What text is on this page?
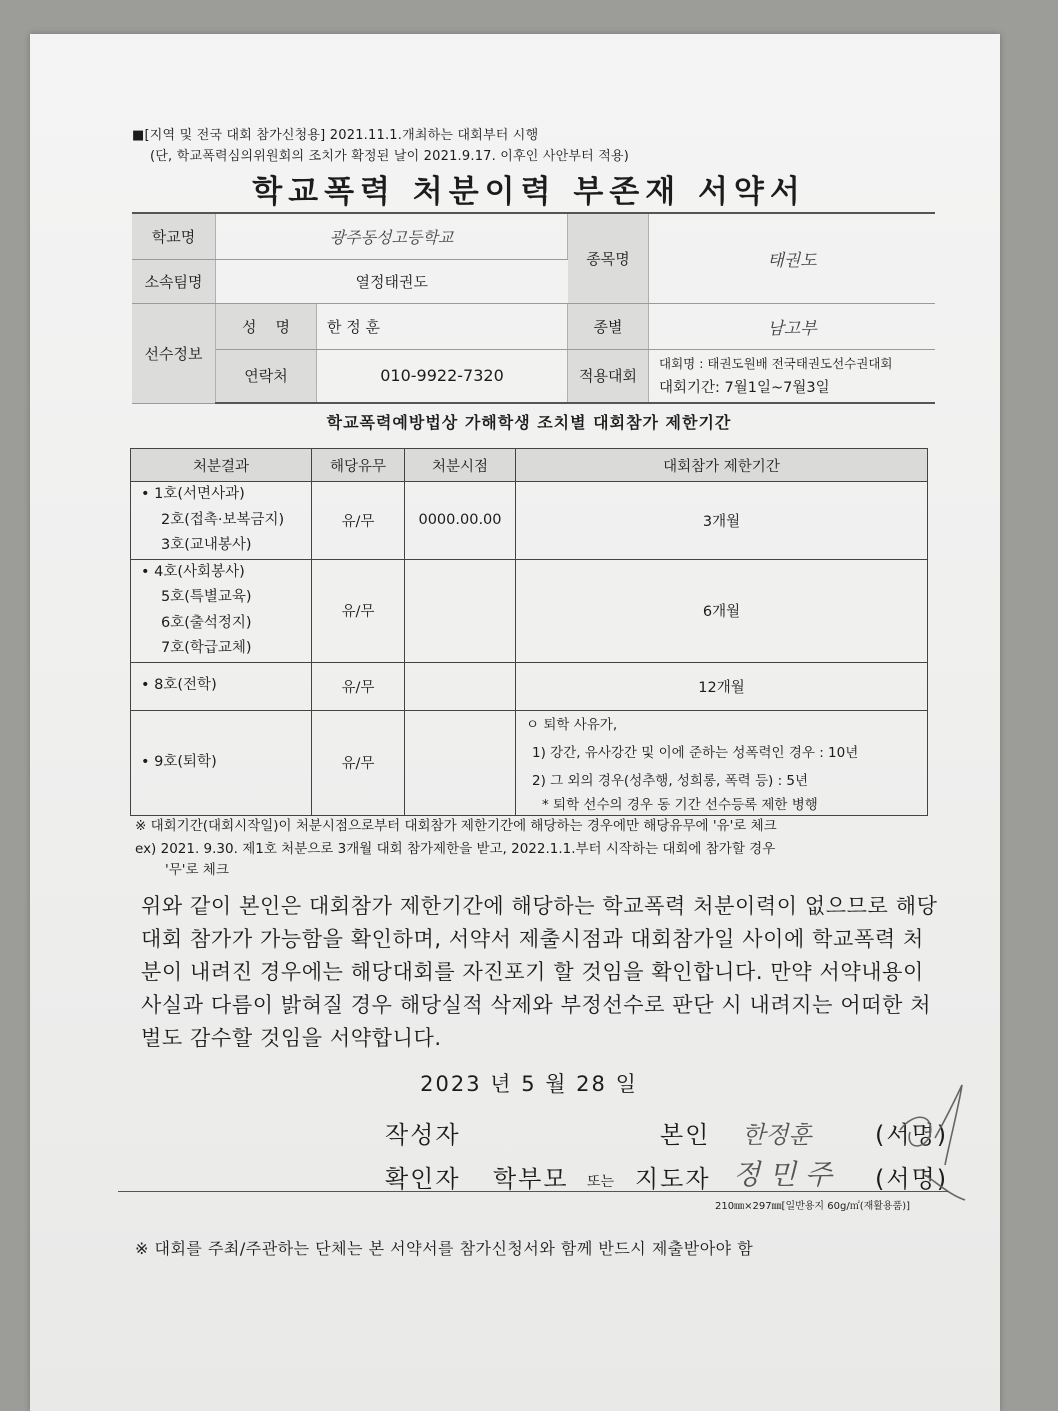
■[지역 및 전국 대회 참가신청용] 2021.11.1.개최하는 대회부터 시행
(단, 학교폭력심의위원회의 조치가 확정된 날이 2021.9.17. 이후인 사안부터 적용)
학교폭력 처분이력 부존재 서약서
학교명	광주동성고등학교		종목명	태권도
소속팀명	열정태권도			
선수정보	성    명	한 정 훈	종별	남고부
	연락처	010-9922-7320	적용대회	대회명 : 태권도원배 전국태권도선수권대회
대회기간: 7월1일~7월3일
학교폭력예방법상 가해학생 조치별 대회참가 제한기간
처분결과	해당유무	처분시점	대회참가 제한기간

• 1호(서면사과)
2호(접촉·보복금지)
3호(교내봉사)	유/무	0000.00.00	3개월

• 4호(사회봉사)
5호(특별교육)
6호(출석정지)
7호(학급교체)	유/무		6개월
• 8호(전학)	유/무		12개월
• 9호(퇴학)	유/무		ㅇ 퇴학 사유가,
1) 강간, 유사강간 및 이에 준하는 성폭력인 경우 : 10년
2) 그 외의 경우(성추행, 성희롱, 폭력 등) : 5년
* 퇴학 선수의 경우 동 기간 선수등록 제한 병행
※ 대회기간(대회시작일)이 처분시점으로부터 대회참가 제한기간에 해당하는 경우에만 해당유무에 '유'로 체크
ex) 2021. 9.30. 제1호 처분으로 3개월 대회 참가제한을 받고, 2022.1.1.부터 시작하는 대회에 참가할 경우
'무'로 체크
위와 같이 본인은 대회참가 제한기간에 해당하는 학교폭력 처분이력이 없으므로 해당 대회 참가가 가능함을 확인하며, 서약서 제출시점과 대회참가일 사이에 학교폭력 처분이 내려진 경우에는 해당대회를 자진포기 할 것임을 확인합니다. 만약 서약내용이 사실과 다름이 밝혀질 경우 해당실적 삭제와 부정선수로 판단 시 내려지는 어떠한 처벌도 감수할 것임을 서약합니다.
2023 년 5 월 28 일
작성자	본인 한정훈	(서명)
확인자 학부모 또는 지도자 정 민 주 (서명)
210㎜×297㎜[일반용지 60g/㎡(재활용품)]
※ 대회를 주최/주관하는 단체는 본 서약서를 참가신청서와 함께 반드시 제출받아야 함
